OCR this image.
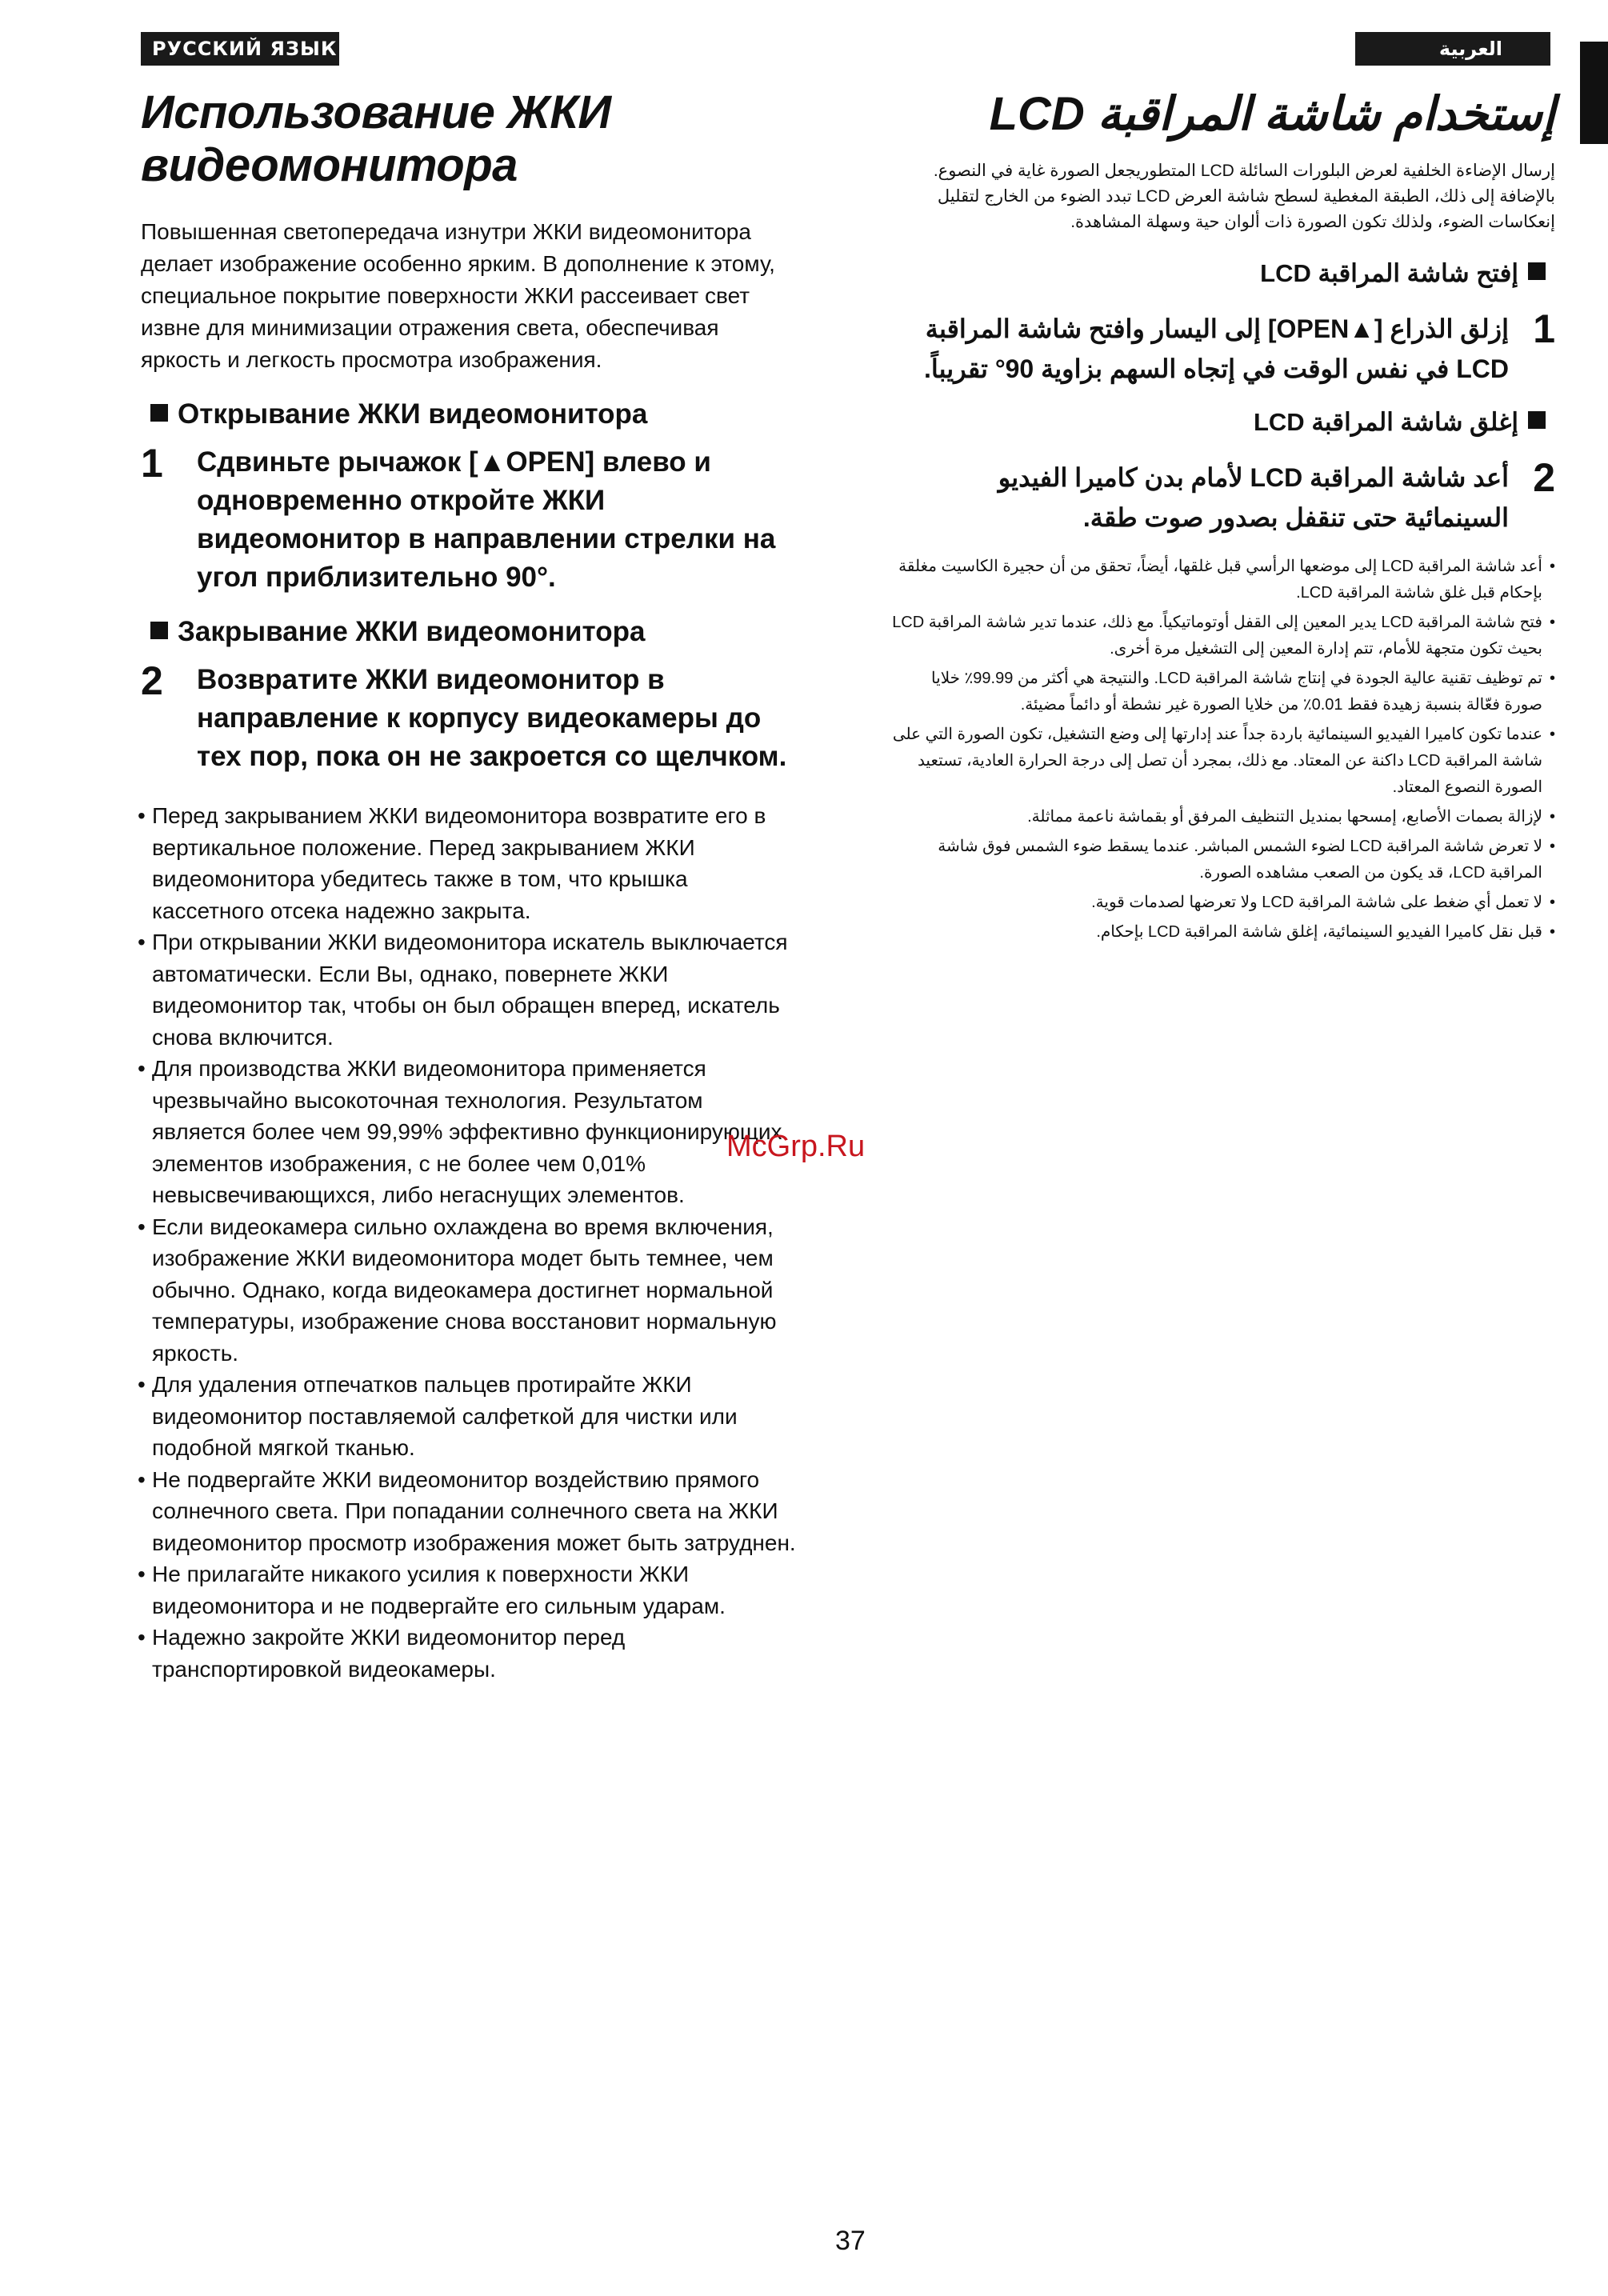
РУССКИЙ ЯЗЫК	العربية
Использование ЖКИ видеомонитора

Повышенная светопередача изнутри ЖКИ видеомонитора делает изображение особенно ярким. В дополнение к этому, специальное покрытие поверхности ЖКИ рассеивает свет извне для минимизации отражения света, обеспечивая яркость и легкость просмотра изображения.

Открывание ЖКИ видеомонитора
1	Сдвиньте рычажок [▲OPEN] влево и одновременно откройте ЖКИ видеомонитор в направлении стрелки на угол приблизительно 90°.
Закрывание ЖКИ видеомонитора
2	Возвратите ЖКИ видеомонитор в направление к корпусу видеокамеры до тех пор, пока он не закроется со щелчком.
• Перед закрыванием ЖКИ видеомонитора возвратите его в вертикальное положение. Перед закрыванием ЖКИ видеомонитора убедитесь также в том, что крышка кассетного отсека надежно закрыта.
• При открывании ЖКИ видеомонитора искатель выключается автоматически. Если Вы, однако, повернете ЖКИ видеомонитор так, чтобы он был обращен вперед, искатель снова включится.
• Для производства ЖКИ видеомонитора применяется чрезвычайно высокоточная технология. Результатом является более чем 99,99% эффективно функционирующих элементов изображения, с не более чем 0,01% невысвечивающихся, либо негаснущих элементов.
• Если видеокамера сильно охлаждена во время включения, изображение ЖКИ видеомонитора модет быть темнее, чем обычно. Однако, когда видеокамера достигнет нормальной температуры, изображение снова восстановит нормальную яркость.
• Для удаления отпечатков пальцев протирайте ЖКИ видеомонитор поставляемой салфеткой для чистки или подобной мягкой тканью.
• Не подвергайте ЖКИ видеомонитор воздействию прямого солнечного света. При попадании солнечного света на ЖКИ видеомонитор просмотр изображения может быть затруднен.
• Не прилагайте никакого усилия к поверхности ЖКИ видеомонитора и не подвергайте его сильным ударам.
• Надежно закройте ЖКИ видеомонитор перед транспортировкой видеокамеры.
إستخدام شاشة المراقبة LCD

إرسال الإضاءة الخلفية لعرض البلورات السائلة LCD المتطوريجعل الصورة غاية في النصوع. بالإضافة إلى ذلك، الطبقة المغطية لسطح شاشة العرض LCD تبدد الضوء من الخارج لتقليل إنعكاسات الضوء، ولذلك تكون الصورة ذات ألوان حية وسهلة المشاهدة.

إفتح شاشة المراقبة LCD
1
إزلق الذراع [▲OPEN] إلى اليسار وافتح شاشة المراقبة LCD في نفس الوقت في إتجاه السهم بزاوية 90° تقريباً.
إغلق شاشة المراقبة LCD
2
أعد شاشة المراقبة LCD لأمام بدن كاميرا الفيديو السينمائية حتى تنقفل بصدور صوت طقة.
• أعد شاشة المراقبة LCD إلى موضعها الرأسي قبل غلقها، أيضاً، تحقق من أن حجيرة الكاسيت مغلقة بإحكام قبل غلق شاشة المراقبة LCD.
• فتح شاشة المراقبة LCD يدير المعين إلى القفل أوتوماتيكياً. مع ذلك، عندما تدير شاشة المراقبة LCD بحيث تكون متجهة للأمام، تتم إدارة المعين إلى التشغيل مرة أخرى.
• تم توظيف تقنية عالية الجودة في إنتاج شاشة المراقبة LCD. والنتيجة هي أكثر من 99.99٪ خلايا صورة فعّالة بنسبة زهيدة فقط 0.01٪ من خلايا الصورة غير نشطة أو دائماً مضيئة.
• عندما تكون كاميرا الفيديو السينمائية باردة جداً عند إدارتها إلى وضع التشغيل، تكون الصورة التي على شاشة المراقبة LCD داكنة عن المعتاد. مع ذلك، بمجرد أن تصل إلى درجة الحرارة العادية، تستعيد الصورة النصوع المعتاد.
• لإزالة بصمات الأصابع، إمسحها بمنديل التنظيف المرفق أو بقماشة ناعمة مماثلة.
• لا تعرض شاشة المراقبة LCD لضوء الشمس المباشر. عندما يسقط ضوء الشمس فوق شاشة المراقبة LCD، قد يكون من الصعب مشاهده الصورة.
• لا تعمل أي ضغط على شاشة المراقبة LCD ولا تعرضها لصدمات قوية.
• قبل نقل كاميرا الفيديو السينمائية، إغلق شاشة المراقبة LCD بإحكام.
McGrp.Ru
37
